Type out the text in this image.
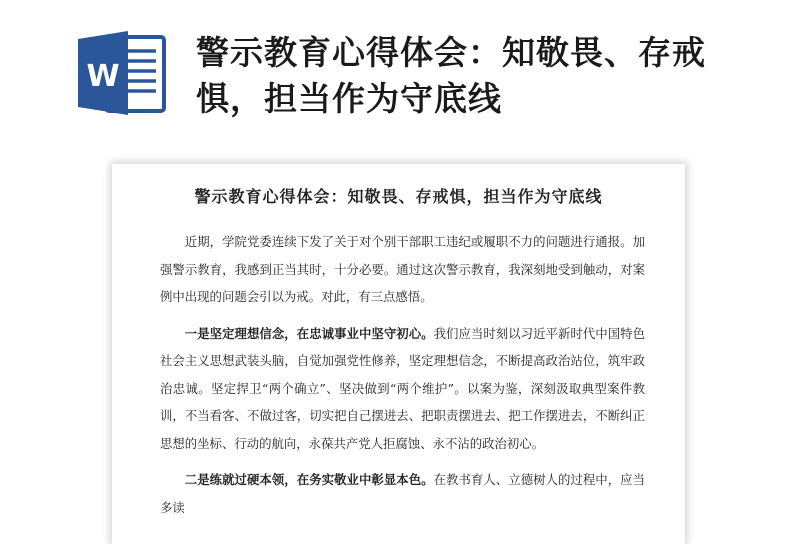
W
警示教育心得体会：知敬畏、存戒惧，担当作为守底线
警示教育心得体会：知敬畏、存戒惧，担当作为守底线

近期，学院党委连续下发了关于对个别干部职工违纪或履职不力的问题进行通报。加强警示教育，我感到正当其时，十分必要。通过这次警示教育，我深刻地受到触动，对案例中出现的问题会引以为戒。对此，有三点感悟。

一是坚定理想信念，在忠诚事业中坚守初心。我们应当时刻以习近平新时代中国特色社会主义思想武装头脑，自觉加强党性修养，坚定理想信念，不断提高政治站位，筑牢政治忠诚。坚定捍卫“两个确立”、坚决做到“两个维护”。以案为鉴，深刻汲取典型案件教训，不当看客、不做过客，切实把自己摆进去、把职责摆进去、把工作摆进去，不断纠正思想的坐标、行动的航向，永葆共产党人拒腐蚀、永不沾的政治初心。

二是练就过硬本领，在务实敬业中彰显本色。在教书育人、立德树人的过程中，应当多读
